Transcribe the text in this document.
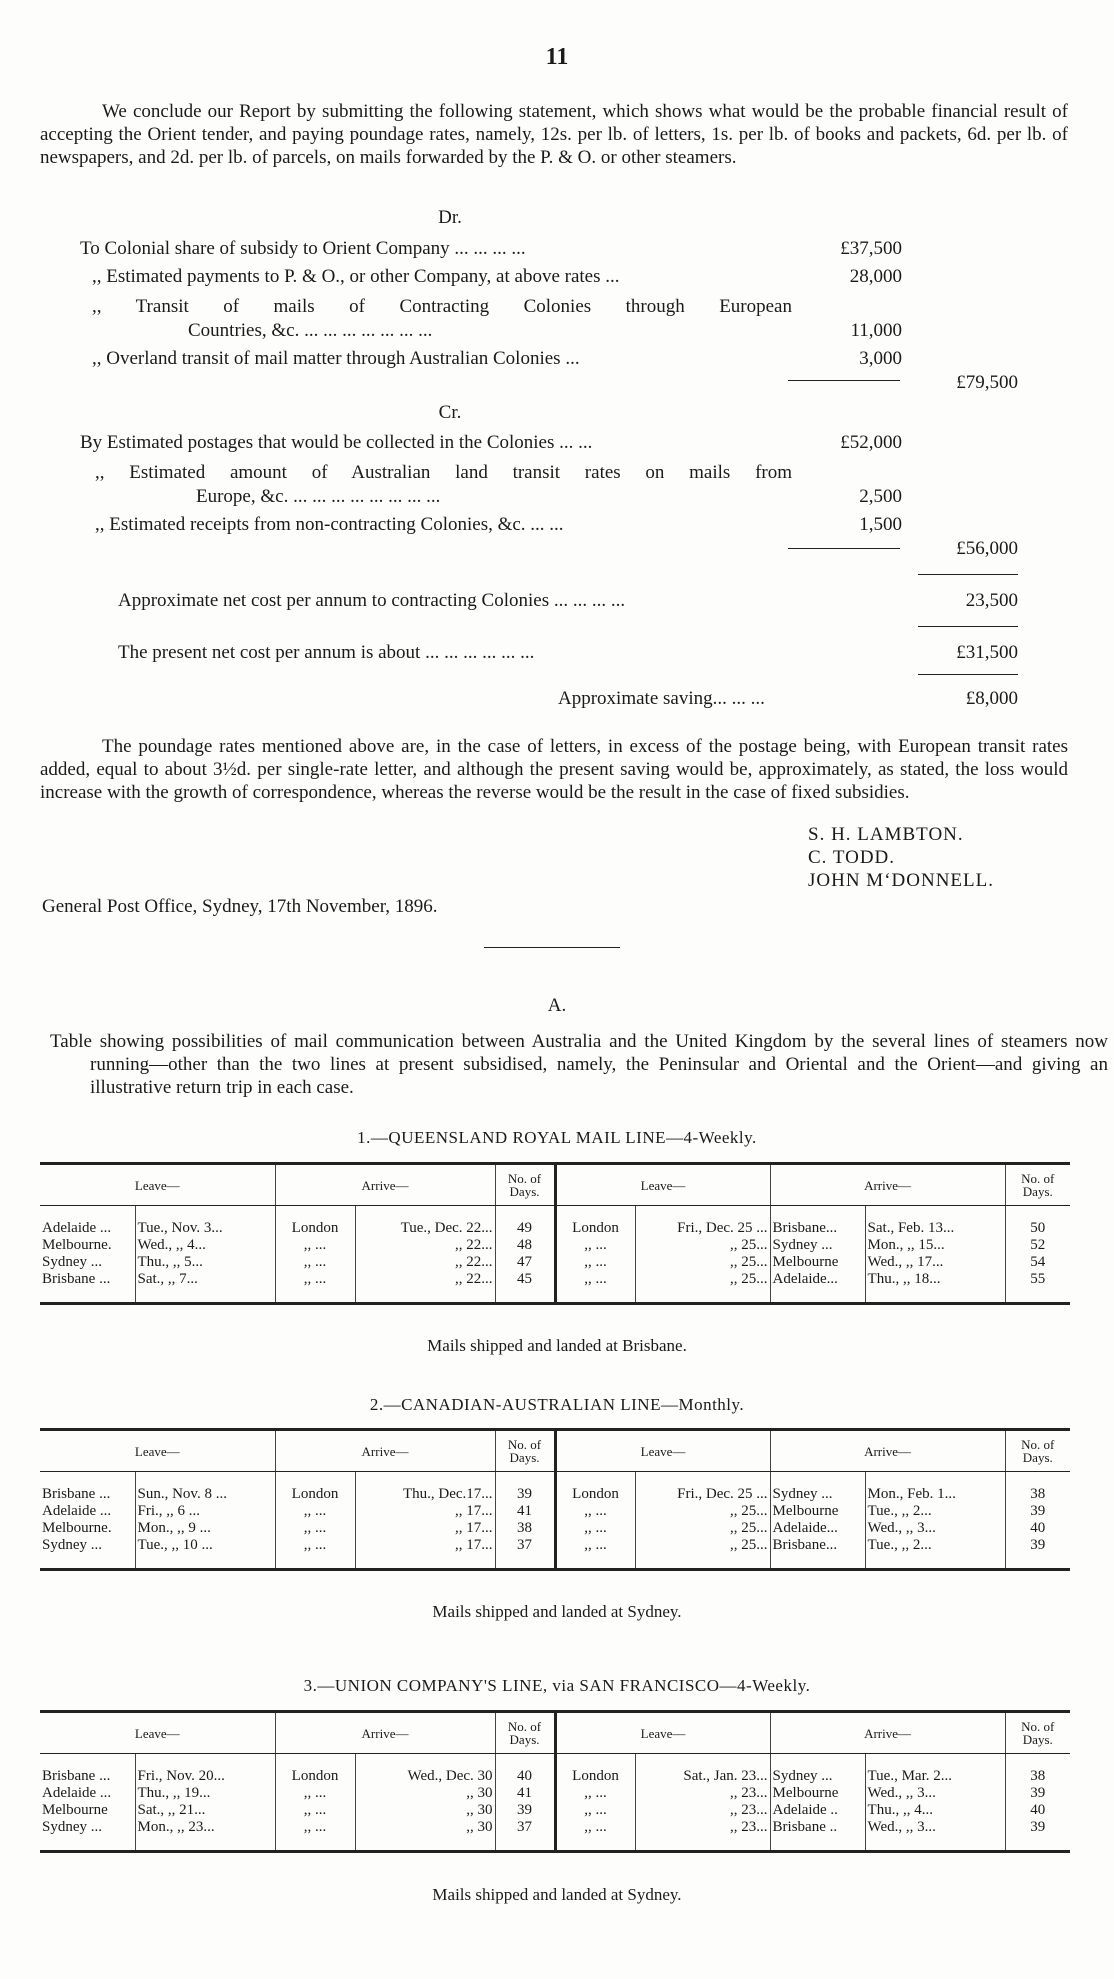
11

We conclude our Report by submitting the following statement, which shows what would be the probable financial result of accepting the Orient tender, and paying poundage rates, namely, 12s. per lb. of letters, 1s. per lb. of books and packets, 6d. per lb. of newspapers, and 2d. per lb. of parcels, on mails forwarded by the P. & O. or other steamers.

Dr.
To Colonial share of subsidy to Orient Company ... ... ... ...	£37,500
,, Estimated payments to P. & O., or other Company, at above rates ...	28,000
,, Transit of mails of Contracting Colonies through European
Countries, &c. ... ... ... ... ... ... ...	11,000
,, Overland transit of mail matter through Australian Colonies ...	3,000
£79,500
Cr.
By Estimated postages that would be collected in the Colonies ... ...	£52,000
,, Estimated amount of Australian land transit rates on mails from
Europe, &c. ... ... ... ... ... ... ... ...	2,500
,, Estimated receipts from non-contracting Colonies, &c. ... ...	1,500
£56,000
Approximate net cost per annum to contracting Colonies ... ... ... ...	23,500
The present net cost per annum is about ... ... ... ... ... ...	£31,500
Approximate saving... ... ...	£8,000

The poundage rates mentioned above are, in the case of letters, in excess of the postage being, with European transit rates added, equal to about 3½d. per single-rate letter, and although the present saving would be, approximately, as stated, the loss would increase with the growth of correspondence, whereas the reverse would be the result in the case of fixed subsidies.

S. H. LAMBTON.
C. TODD.
JOHN M‘DONNELL.
General Post Office, Sydney, 17th November, 1896.
A.

Table showing possibilities of mail communication between Australia and the United Kingdom by the several lines of steamers now running—other than the two lines at present subsidised, namely, the Peninsular and Oriental and the Orient—and giving an illustrative return trip in each case.

1.—QUEENSLAND ROYAL MAIL LINE—4-Weekly.
Leave—		Arrive—		No. of Days.	Leave—		Arrive—		No. of Days.

Adelaide ...	Tue., Nov. 3...	London	Tue., Dec. 22...	49	London	Fri., Dec. 25 ...	Brisbane...	Sat., Feb. 13...	50
Melbourne.	Wed., ,, 4...	,, ...	,, 22...	48	,, ...	,, 25...	Sydney ...	Mon., ,, 15...	52
Sydney ...	Thu., ,, 5...	,, ...	,, 22...	47	,, ...	,, 25...	Melbourne	Wed., ,, 17...	54
Brisbane ...	Sat., ,, 7...	,, ...	,, 22...	45	,, ...	,, 25...	Adelaide...	Thu., ,, 18...	55

Mails shipped and landed at Brisbane.
2.—CANADIAN-AUSTRALIAN LINE—Monthly.
Leave—		Arrive—		No. of Days.	Leave—		Arrive—		No. of Days.

Brisbane ...	Sun., Nov. 8 ...	London	Thu., Dec.17...	39	London	Fri., Dec. 25 ...	Sydney ...	Mon., Feb. 1...	38
Adelaide ...	Fri., ,, 6 ...	,, ...	,, 17...	41	,, ...	,, 25...	Melbourne	Tue., ,, 2...	39
Melbourne.	Mon., ,, 9 ...	,, ...	,, 17...	38	,, ...	,, 25...	Adelaide...	Wed., ,, 3...	40
Sydney ...	Tue., ,, 10 ...	,, ...	,, 17...	37	,, ...	,, 25...	Brisbane...	Tue., ,, 2...	39

Mails shipped and landed at Sydney.
3.—UNION COMPANY'S LINE, via SAN FRANCISCO—4-Weekly.
Leave—		Arrive—		No. of Days.	Leave—		Arrive—		No. of Days.

Brisbane ...	Fri., Nov. 20...	London	Wed., Dec. 30	40	London	Sat., Jan. 23...	Sydney ...	Tue., Mar. 2...	38
Adelaide ...	Thu., ,, 19...	,, ...	,, 30	41	,, ...	,, 23...	Melbourne	Wed., ,, 3...	39
Melbourne	Sat., ,, 21...	,, ...	,, 30	39	,, ...	,, 23...	Adelaide ..	Thu., ,, 4...	40
Sydney ...	Mon., ,, 23...	,, ...	,, 30	37	,, ...	,, 23...	Brisbane ..	Wed., ,, 3...	39

Mails shipped and landed at Sydney.
